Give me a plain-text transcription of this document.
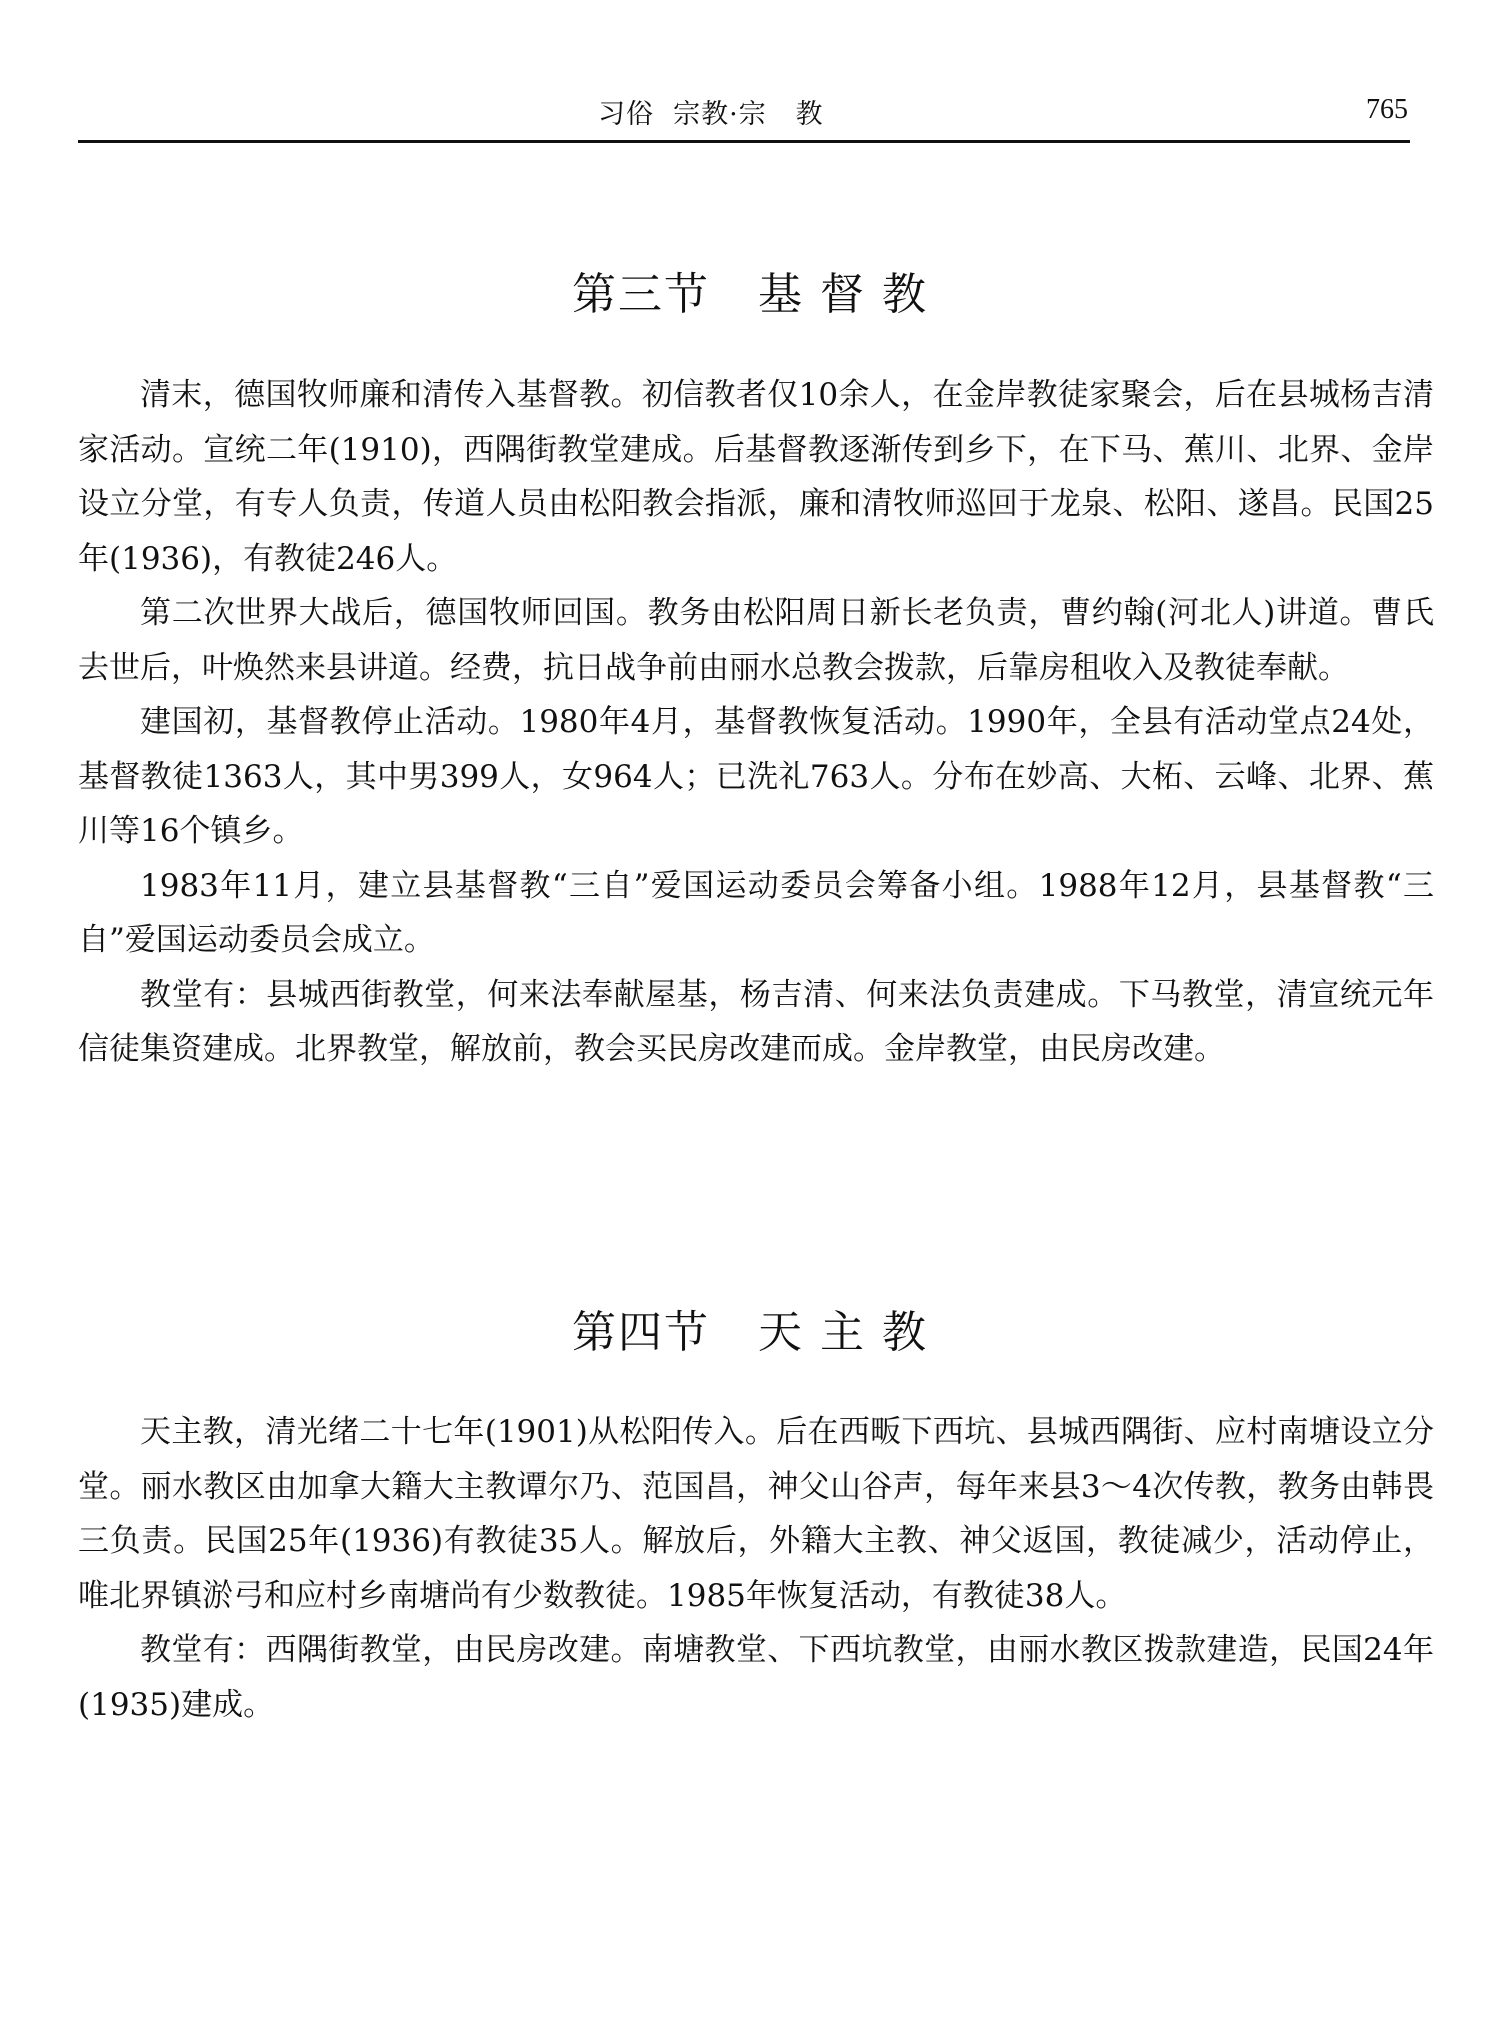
习俗  宗教·宗   教	765
第三节   基 督 教

清末，德国牧师廉和清传入基督教。初信教者仅10余人，在金岸教徒家聚会，后在县城杨吉清家活动。宣统二年(1910)，西隅街教堂建成。后基督教逐渐传到乡下，在下马、蕉川、北界、金岸设立分堂，有专人负责，传道人员由松阳教会指派，廉和清牧师巡回于龙泉、松阳、遂昌。民国25年(1936)，有教徒246人。

第二次世界大战后，德国牧师回国。教务由松阳周日新长老负责，曹约翰(河北人)讲道。曹氏去世后，叶焕然来县讲道。经费，抗日战争前由丽水总教会拨款，后靠房租收入及教徒奉献。

建国初，基督教停止活动。1980年4月，基督教恢复活动。1990年，全县有活动堂点24处，基督教徒1363人，其中男399人，女964人；已洗礼763人。分布在妙高、大柘、云峰、北界、蕉川等16个镇乡。

1983年11月，建立县基督教“三自”爱国运动委员会筹备小组。1988年12月，县基督教“三自”爱国运动委员会成立。

教堂有：县城西街教堂，何来法奉献屋基，杨吉清、何来法负责建成。下马教堂，清宣统元年信徒集资建成。北界教堂，解放前，教会买民房改建而成。金岸教堂，由民房改建。

第四节   天 主 教

天主教，清光绪二十七年(1901)从松阳传入。后在西畈下西坑、县城西隅街、应村南塘设立分堂。丽水教区由加拿大籍大主教谭尔乃、范国昌，神父山谷声，每年来县3～4次传教，教务由韩畏三负责。民国25年(1936)有教徒35人。解放后，外籍大主教、神父返国，教徒减少，活动停止，唯北界镇淤弓和应村乡南塘尚有少数教徒。1985年恢复活动，有教徒38人。

教堂有：西隅街教堂，由民房改建。南塘教堂、下西坑教堂，由丽水教区拨款建造，民国24年(1935)建成。
